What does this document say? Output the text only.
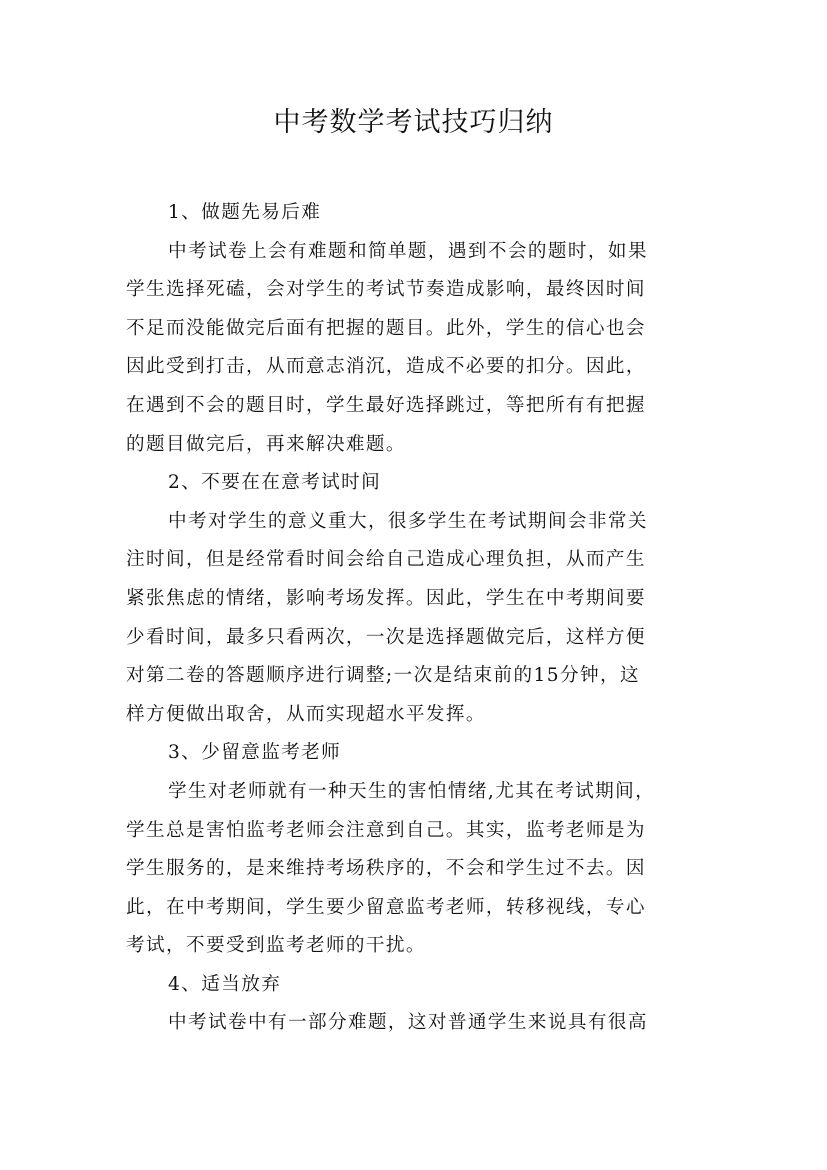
中考数学考试技巧归纳
1、做题先易后难
中考试卷上会有难题和简单题，遇到不会的题时，如果
学生选择死磕，会对学生的考试节奏造成影响，最终因时间
不足而没能做完后面有把握的题目。此外，学生的信心也会
因此受到打击，从而意志消沉，造成不必要的扣分。因此，
在遇到不会的题目时，学生最好选择跳过，等把所有有把握
的题目做完后，再来解决难题。
2、不要在在意考试时间
中考对学生的意义重大，很多学生在考试期间会非常关
注时间，但是经常看时间会给自己造成心理负担，从而产生
紧张焦虑的情绪，影响考场发挥。因此，学生在中考期间要
少看时间，最多只看两次，一次是选择题做完后，这样方便
对第二卷的答题顺序进行调整;一次是结束前的15分钟，这
样方便做出取舍，从而实现超水平发挥。
3、少留意监考老师
学生对老师就有一种天生的害怕情绪,尤其在考试期间，
学生总是害怕监考老师会注意到自己。其实，监考老师是为
学生服务的，是来维持考场秩序的，不会和学生过不去。因
此，在中考期间，学生要少留意监考老师，转移视线，专心
考试，不要受到监考老师的干扰。
4、适当放弃
中考试卷中有一部分难题，这对普通学生来说具有很高
